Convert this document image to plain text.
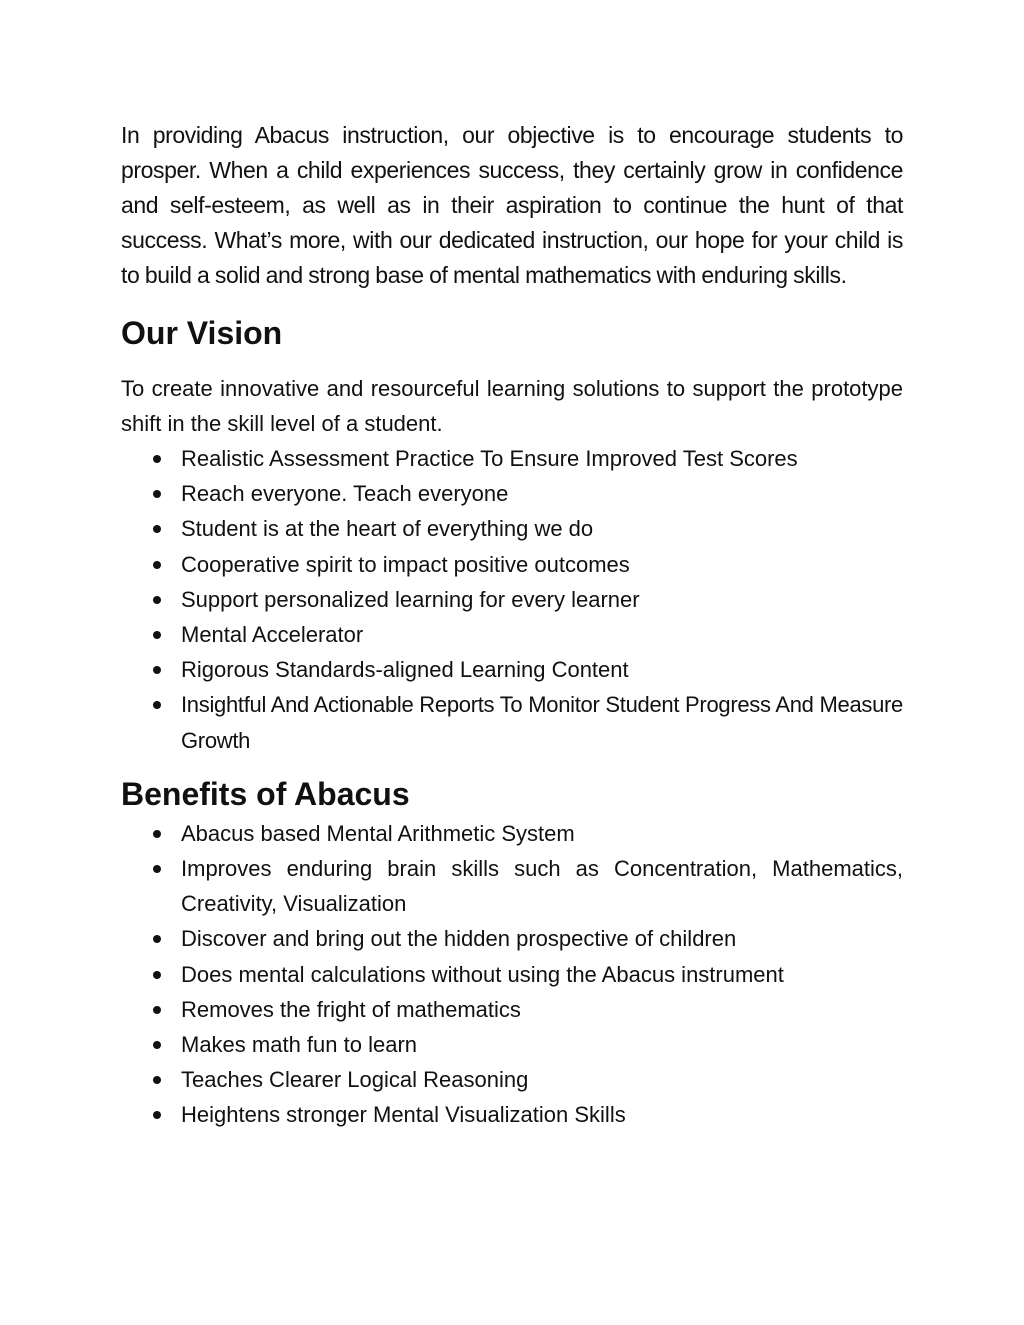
In providing Abacus instruction, our objective is to encourage students to prosper. When a child experiences success, they certainly grow in confidence and self-esteem, as well as in their aspiration to continue the hunt of that success. What’s more, with our dedicated instruction, our hope for your child is to build a solid and strong base of mental mathematics with enduring skills.

Our Vision

To create innovative and resourceful learning solutions to support the prototype shift in the skill level of a student.

Realistic Assessment Practice To Ensure Improved Test Scores
Reach everyone. Teach everyone
Student is at the heart of everything we do
Cooperative spirit to impact positive outcomes
Support personalized learning for every learner
Mental Accelerator
Rigorous Standards-aligned Learning Content
Insightful And Actionable Reports To Monitor Student Progress And Measure Growth
Benefits of Abacus
Abacus based Mental Arithmetic System
Improves enduring brain skills such as Concentration, Mathematics, Creativity, Visualization
Discover and bring out the hidden prospective of children
Does mental calculations without using the Abacus instrument
Removes the fright of mathematics
Makes math fun to learn
Teaches Clearer Logical Reasoning
Heightens stronger Mental Visualization Skills
